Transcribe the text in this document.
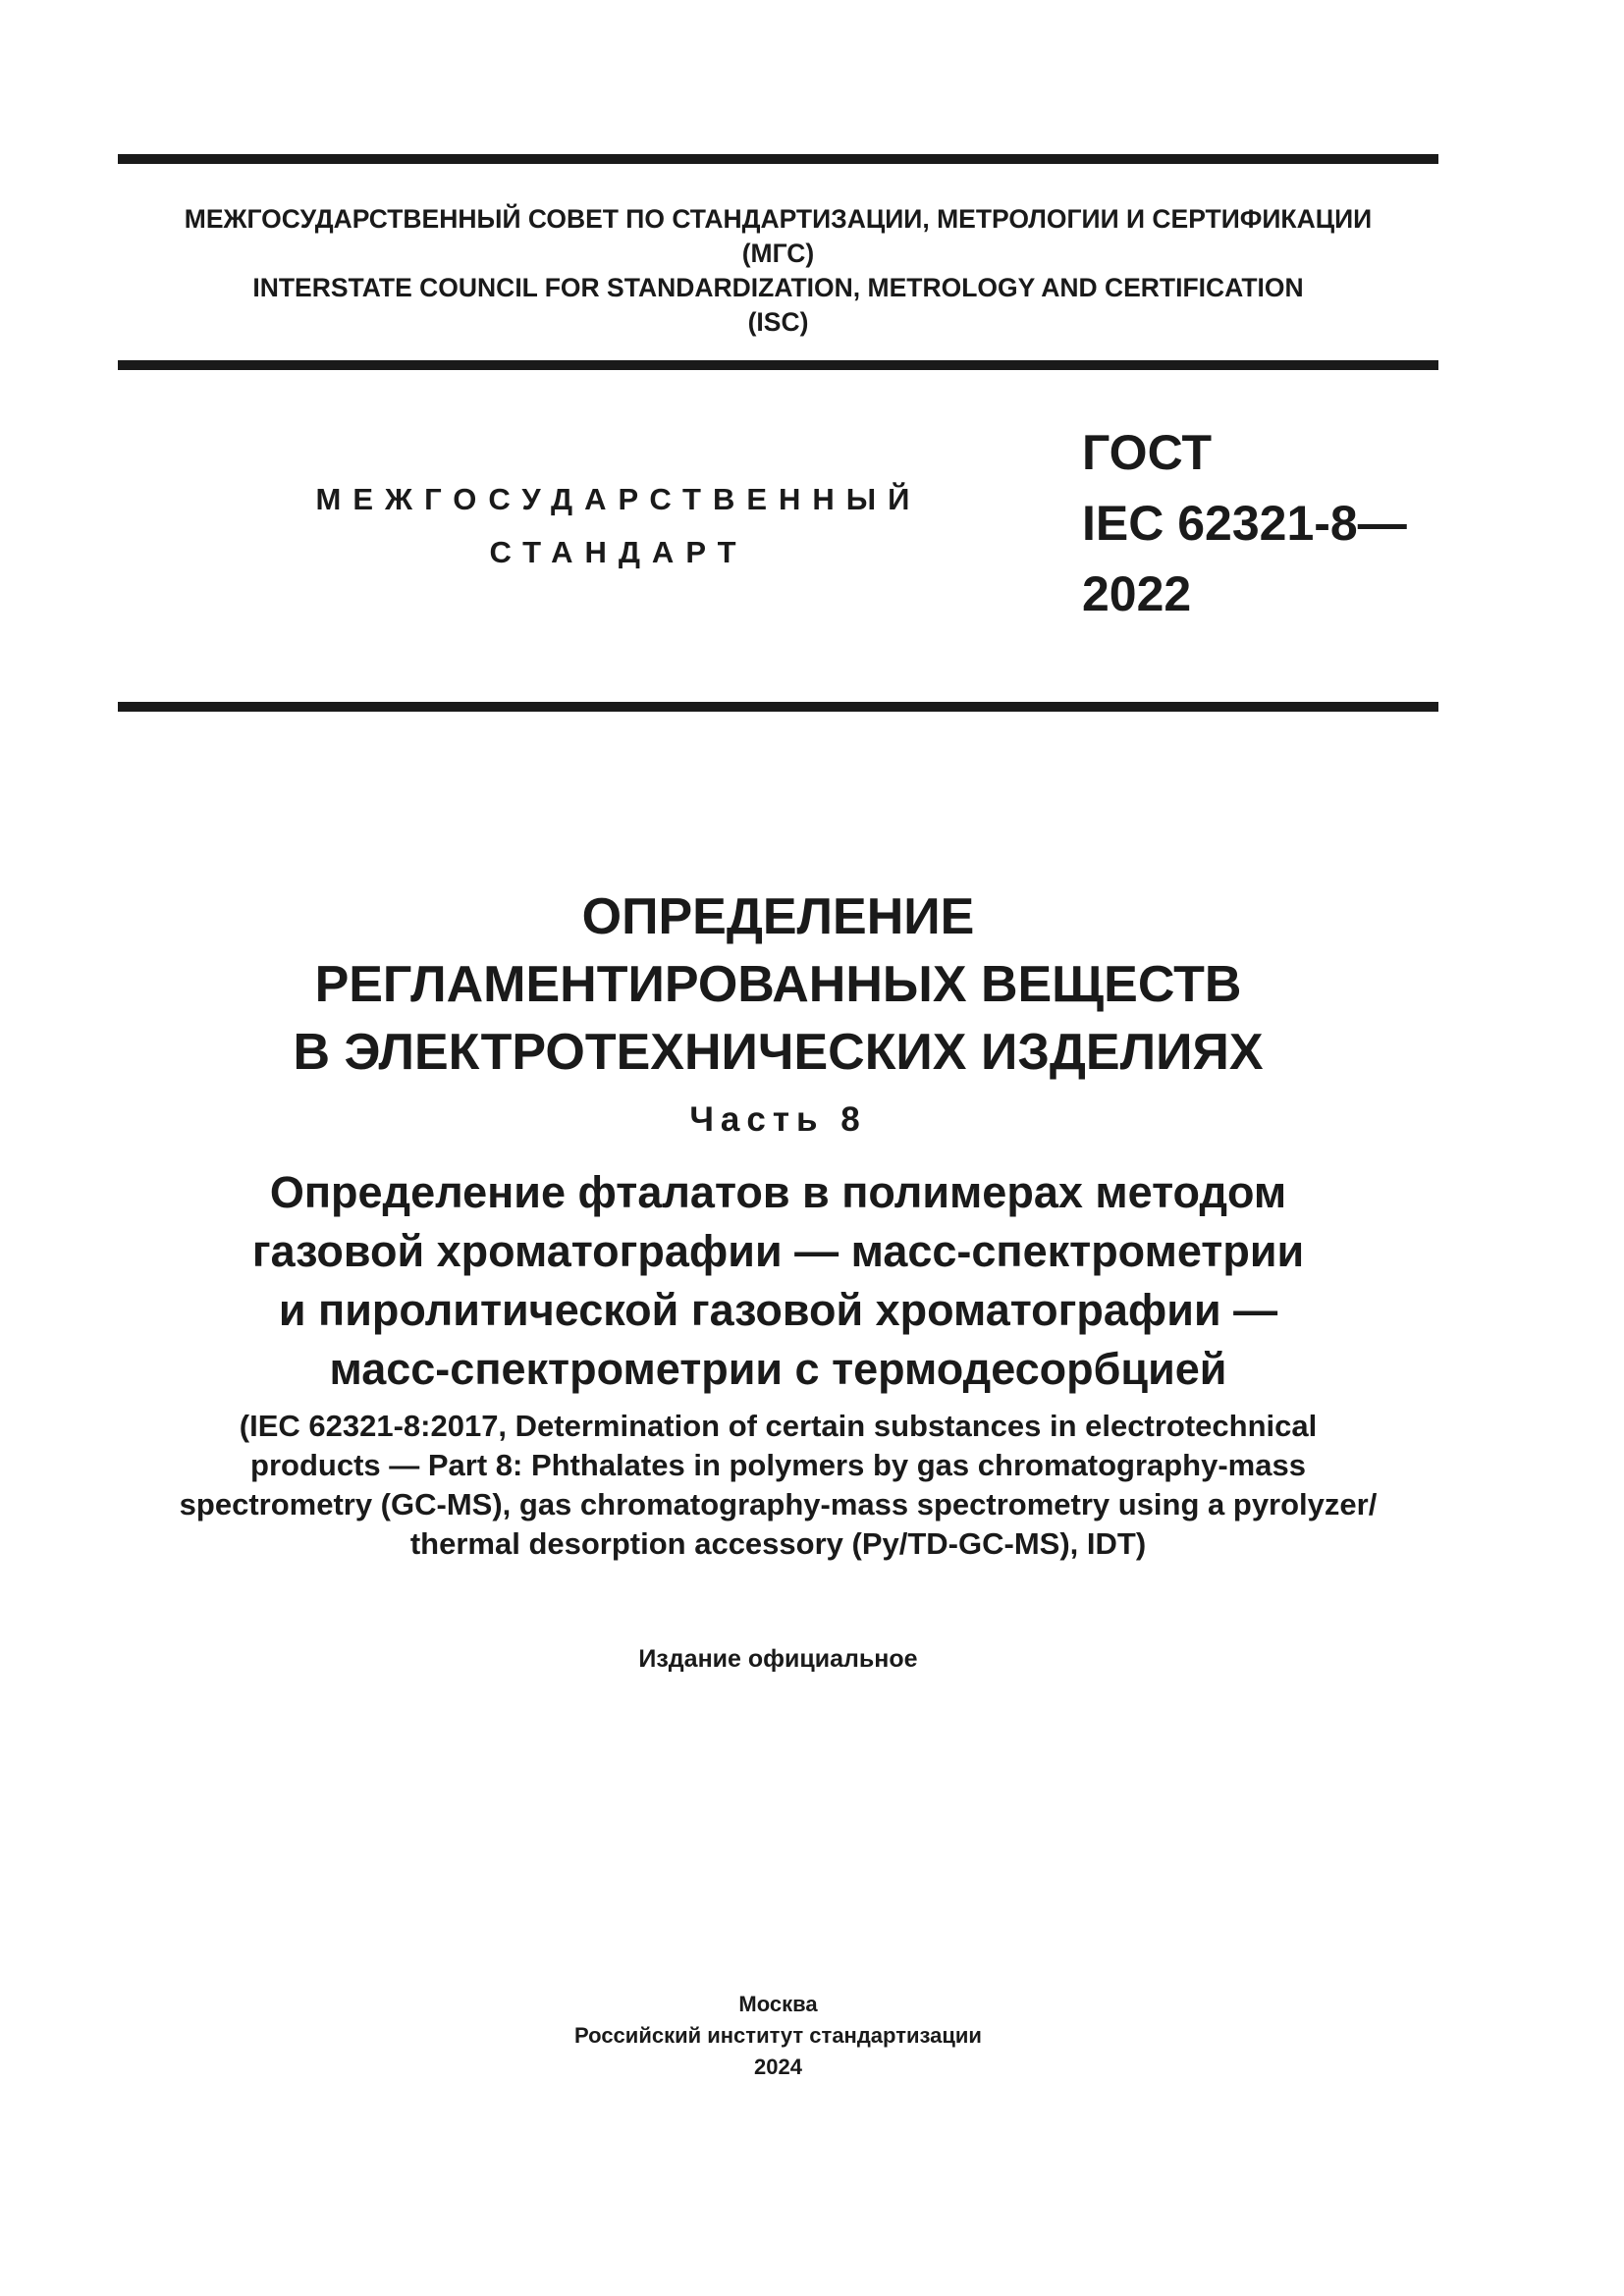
МЕЖГОСУДАРСТВЕННЫЙ СОВЕТ ПО СТАНДАРТИЗАЦИИ, МЕТРОЛОГИИ И СЕРТИФИКАЦИИ
(МГС)
INTERSTATE COUNCIL FOR STANDARDIZATION, METROLOGY AND CERTIFICATION
(ISC)
МЕЖГОСУДАРСТВЕННЫЙ
СТАНДАРТ
ГОСТ
IEC 62321-8—
2022
ОПРЕДЕЛЕНИЕ
РЕГЛАМЕНТИРОВАННЫХ ВЕЩЕСТВ
В ЭЛЕКТРОТЕХНИЧЕСКИХ ИЗДЕЛИЯХ
Часть 8
Определение фталатов в полимерах методом
газовой хроматографии — масс-спектрометрии
и пиролитической газовой хроматографии —
масс-спектрометрии с термодесорбцией
(IEC 62321-8:2017, Determination of certain substances in electrotechnical
products — Part 8: Phthalates in polymers by gas chromatography-mass
spectrometry (GC-MS), gas chromatography-mass spectrometry using a pyrolyzer/
thermal desorption accessory (Py/TD-GC-MS), IDT)
Издание официальное
Москва
Российский институт стандартизации
2024
